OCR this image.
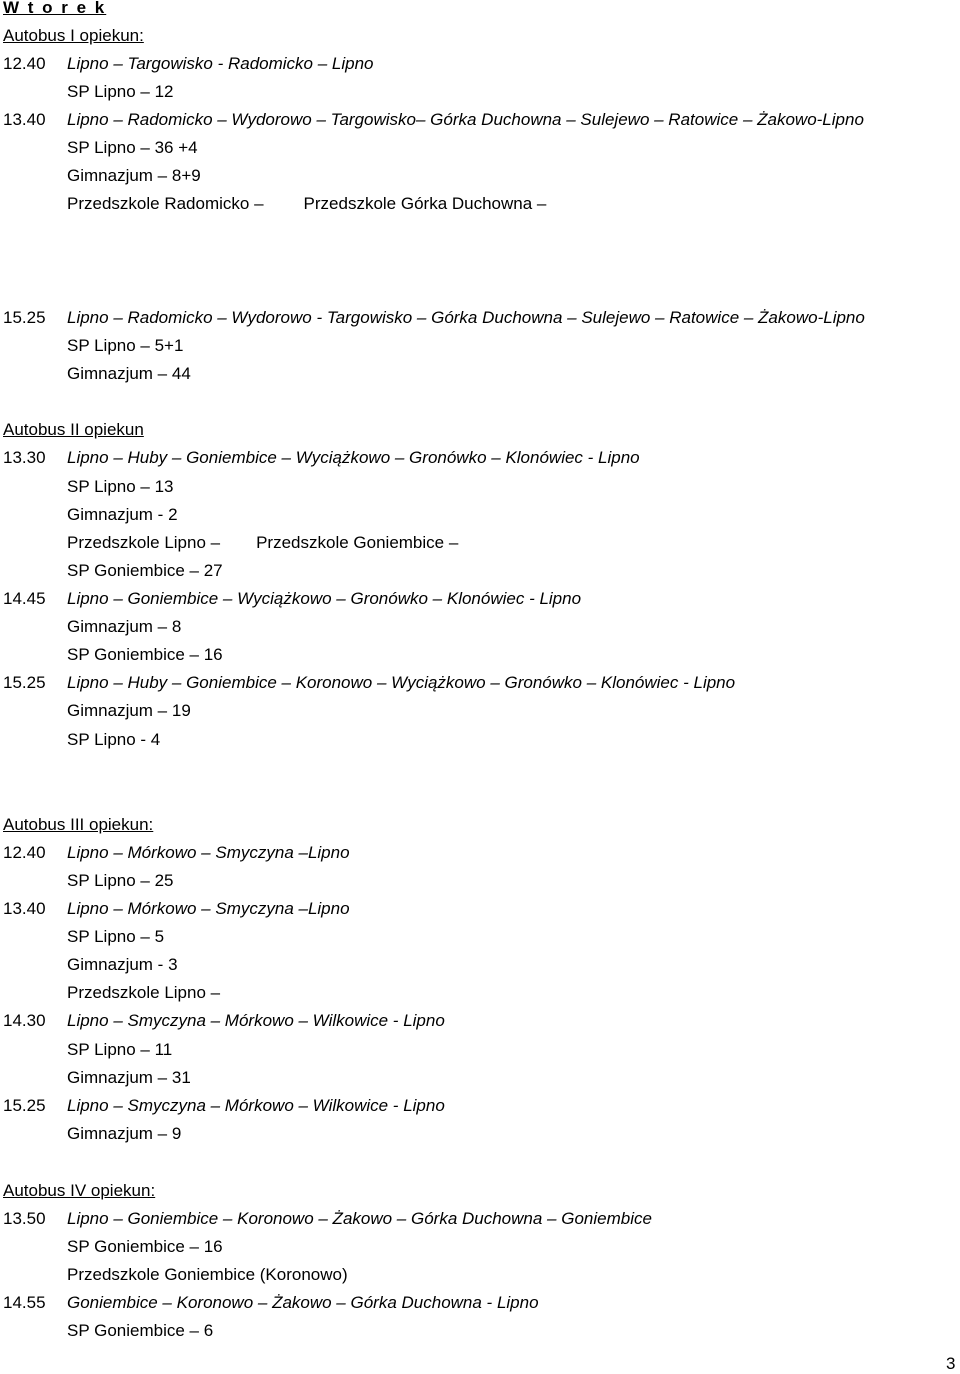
W t o r e k
Autobus I opiekun:
12.40 Lipno – Targowisko - Radomicko – Lipno
SP Lipno – 12
13.40 Lipno – Radomicko – Wydorowo – Targowisko– Górka Duchowna – Sulejewo – Ratowice – Żakowo-Lipno
SP Lipno – 36 +4
Gimnazjum – 8+9
Przedszkole Radomicko – Przedszkole Górka Duchowna –
15.25 Lipno – Radomicko – Wydorowo - Targowisko – Górka Duchowna – Sulejewo – Ratowice – Żakowo-Lipno
SP Lipno – 5+1
Gimnazjum – 44
Autobus II opiekun
13.30 Lipno – Huby – Goniembice – Wyciążkowo – Gronówko – Klonówiec - Lipno
SP Lipno – 13
Gimnazjum - 2
Przedszkole Lipno – Przedszkole Goniembice –
SP Goniembice – 27
14.45 Lipno – Goniembice – Wyciążkowo – Gronówko – Klonówiec - Lipno
Gimnazjum – 8
SP Goniembice – 16
15.25 Lipno – Huby – Goniembice – Koronowo – Wyciążkowo – Gronówko – Klonówiec - Lipno
Gimnazjum – 19
SP Lipno - 4
Autobus III opiekun:
12.40 Lipno – Mórkowo – Smyczyna –Lipno
SP Lipno – 25
13.40 Lipno – Mórkowo – Smyczyna –Lipno
SP Lipno – 5
Gimnazjum - 3
Przedszkole Lipno –
14.30 Lipno – Smyczyna – Mórkowo – Wilkowice - Lipno
SP Lipno – 11
Gimnazjum – 31
15.25 Lipno – Smyczyna – Mórkowo – Wilkowice - Lipno
Gimnazjum – 9
Autobus IV opiekun:
13.50 Lipno – Goniembice – Koronowo – Żakowo – Górka Duchowna – Goniembice
SP Goniembice – 16
Przedszkole Goniembice (Koronowo)
14.55 Goniembice – Koronowo – Żakowo – Górka Duchowna - Lipno
SP Goniembice – 6
3
